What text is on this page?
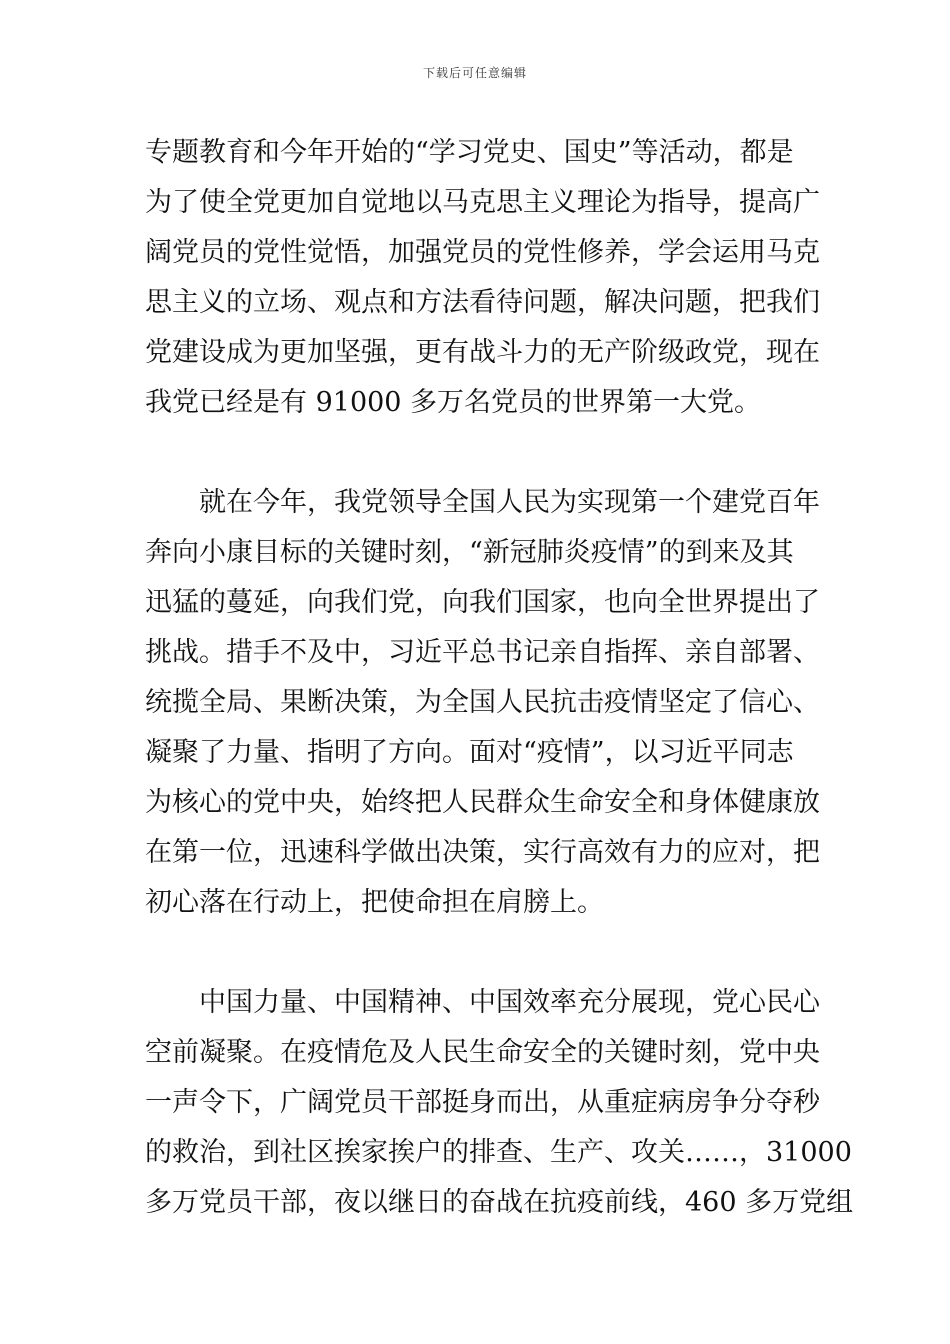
下载后可任意编辑
专题教育和今年开始的“学习党史、国史”等活动，都是
为了使全党更加自觉地以马克思主义理论为指导，提高广
阔党员的党性觉悟，加强党员的党性修养，学会运用马克
思主义的立场、观点和方法看待问题，解决问题，把我们
党建设成为更加坚强，更有战斗力的无产阶级政党，现在
我党已经是有 91000 多万名党员的世界第一大党。
就在今年，我党领导全国人民为实现第一个建党百年
奔向小康目标的关键时刻，“新冠肺炎疫情”的到来及其
迅猛的蔓延，向我们党，向我们国家，也向全世界提出了
挑战。措手不及中，习近平总书记亲自指挥、亲自部署、
统揽全局、果断决策，为全国人民抗击疫情坚定了信心、
凝聚了力量、指明了方向。面对“疫情”，以习近平同志
为核心的党中央，始终把人民群众生命安全和身体健康放
在第一位，迅速科学做出决策，实行高效有力的应对，把
初心落在行动上，把使命担在肩膀上。
中国力量、中国精神、中国效率充分展现，党心民心
空前凝聚。在疫情危及人民生命安全的关键时刻，党中央
一声令下，广阔党员干部挺身而出，从重症病房争分夺秒
的救治，到社区挨家挨户的排查、生产、攻关……，31000
多万党员干部，夜以继日的奋战在抗疫前线，460 多万党组
